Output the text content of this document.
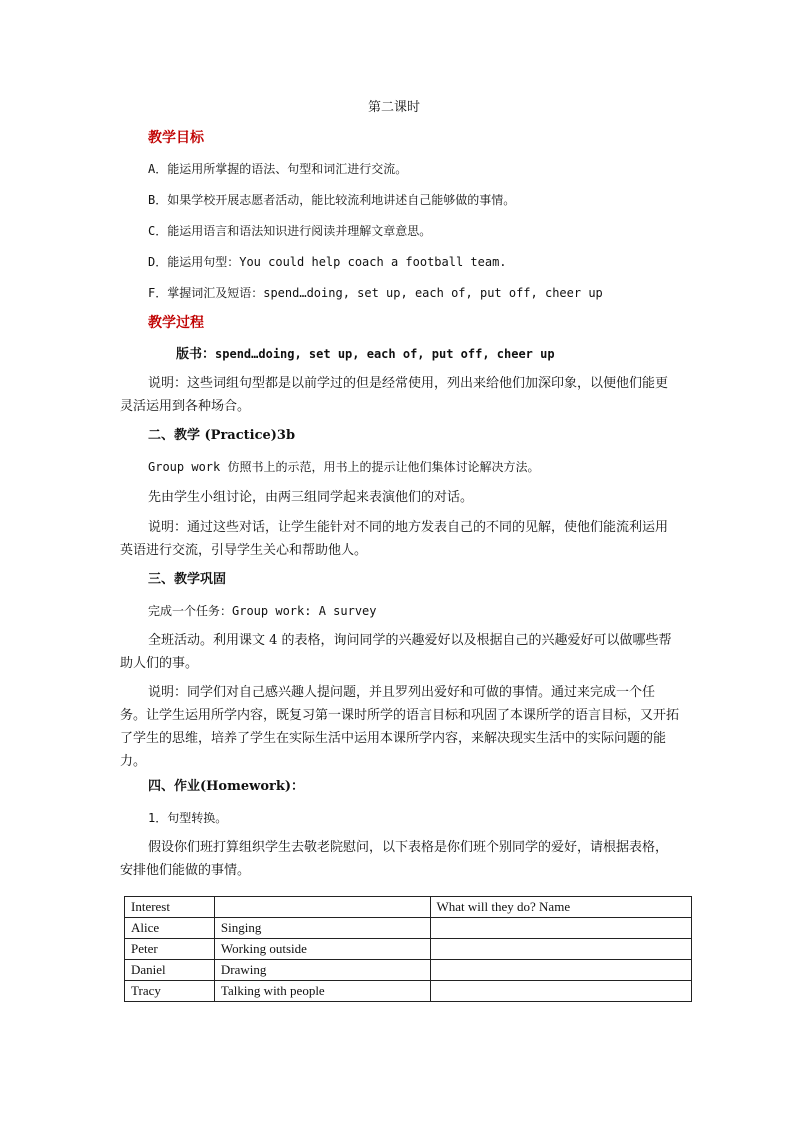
第二课时
教学目标
A．能运用所掌握的语法、句型和词汇进行交流。
B．如果学校开展志愿者活动，能比较流利地讲述自己能够做的事情。
C．能运用语言和语法知识进行阅读并理解文章意思。
D．能运用句型：You could help coach a football team.
F．掌握词汇及短语：spend…doing, set up, each of, put off, cheer up
教学过程
版书：spend…doing, set up, each of, put off, cheer up
说明：这些词组句型都是以前学过的但是经常使用，列出来给他们加深印象，以便他们能更灵活运用到各种场合。
二、教学 (Practice)3b
Group work 仿照书上的示范，用书上的提示让他们集体讨论解决方法。
先由学生小组讨论，由两三组同学起来表演他们的对话。
说明：通过这些对话，让学生能针对不同的地方发表自己的不同的见解，使他们能流利运用英语进行交流，引导学生关心和帮助他人。
三、教学巩固
完成一个任务：Group work: A survey
全班活动。利用课文 4 的表格，询问同学的兴趣爱好以及根据自己的兴趣爱好可以做哪些帮助人们的事。
说明：同学们对自己感兴趣人提问题，并且罗列出爱好和可做的事情。通过来完成一个任务。让学生运用所学内容，既复习第一课时所学的语言目标和巩固了本课所学的语言目标，又开拓了学生的思维，培养了学生在实际生活中运用本课所学内容，来解决现实生活中的实际问题的能力。
四、作业(Homework)：
1．句型转换。
假设你们班打算组织学生去敬老院慰问，以下表格是你们班个别同学的爱好，请根据表格，安排他们能做的事情。
Interest		What will they do? Name
Alice	Singing	
Peter	Working outside	
Daniel	Drawing	
Tracy	Talking with people	
